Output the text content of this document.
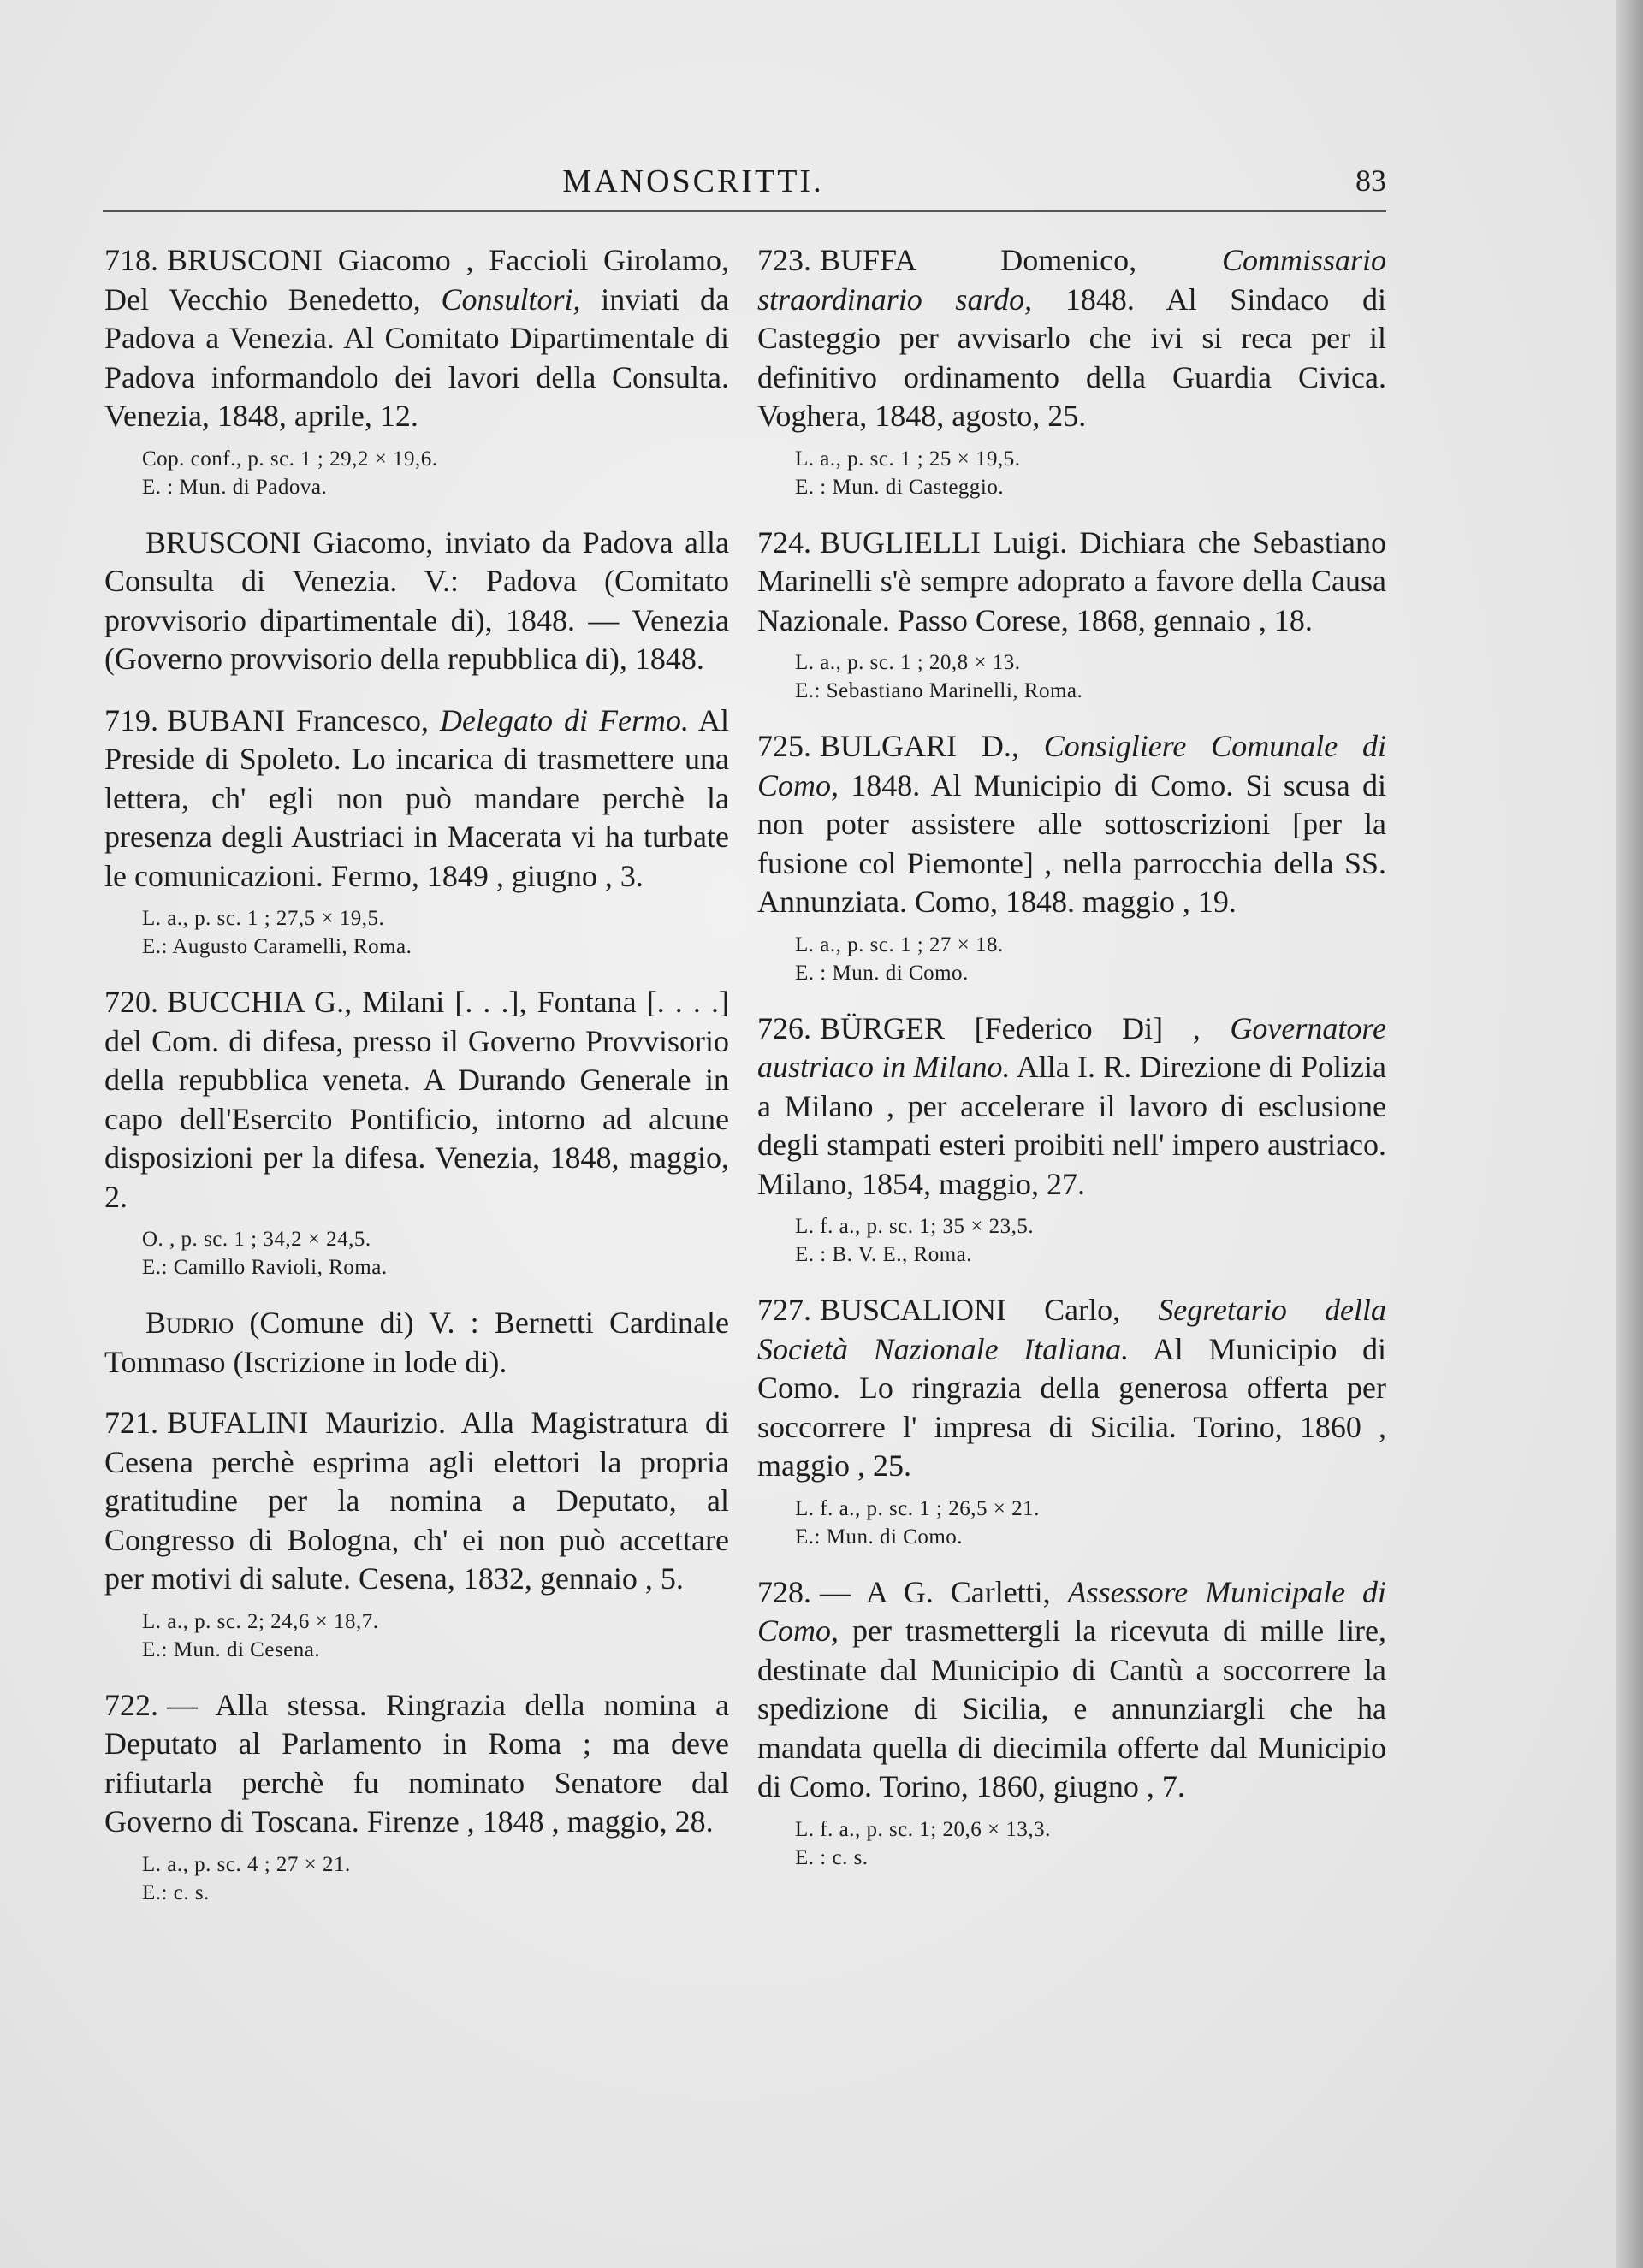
MANOSCRITTI.	83
718. BRUSCONI Giacomo , Faccioli Girolamo, Del Vecchio Benedetto, Consultori, inviati da Padova a Venezia. Al Comitato Dipartimentale di Padova informandolo dei lavori della Consulta. Venezia, 1848, aprile, 12.
Cop. conf., p. sc. 1 ; 29,2 × 19,6.
E. : Mun. di Padova.
BRUSCONI Giacomo, inviato da Padova alla Consulta di Venezia. V.: Padova (Comitato provvisorio dipartimentale di), 1848. — Venezia (Governo provvisorio della repubblica di), 1848.
719. BUBANI Francesco, Delegato di Fermo. Al Preside di Spoleto. Lo incarica di trasmettere una lettera, ch' egli non può mandare perchè la presenza degli Austriaci in Macerata vi ha turbate le comunicazioni. Fermo, 1849 , giugno , 3.
L. a., p. sc. 1 ; 27,5 × 19,5.
E.: Augusto Caramelli, Roma.
720. BUCCHIA G., Milani [. . .], Fontana [. . . .] del Com. di difesa, presso il Governo Provvisorio della repubblica veneta. A Durando Generale in capo dell'Esercito Pontificio, intorno ad alcune disposizioni per la difesa. Venezia, 1848, maggio, 2.
O. , p. sc. 1 ; 34,2 × 24,5.
E.: Camillo Ravioli, Roma.
Budrio (Comune di) V. : Bernetti Cardinale Tommaso (Iscrizione in lode di).
721. BUFALINI Maurizio. Alla Magistratura di Cesena perchè esprima agli elettori la propria gratitudine per la nomina a Deputato, al Congresso di Bologna, ch' ei non può accettare per motivi di salute. Cesena, 1832, gennaio , 5.
L. a., p. sc. 2; 24,6 × 18,7.
E.: Mun. di Cesena.
722. — Alla stessa. Ringrazia della nomina a Deputato al Parlamento in Roma ; ma deve rifiutarla perchè fu nominato Senatore dal Governo di Toscana. Firenze , 1848 , maggio, 28.
L. a., p. sc. 4 ; 27 × 21.
E.: c. s.
723. BUFFA Domenico,	Commissario straordinario sardo, 1848. Al Sindaco di Casteggio per avvisarlo che ivi si reca per il definitivo ordinamento della Guardia Civica. Voghera, 1848, agosto, 25.
L. a., p. sc. 1 ; 25 × 19,5.
E. : Mun. di Casteggio.
724. BUGLIELLI Luigi. Dichiara che Sebastiano Marinelli s'è sempre adoprato a favore della Causa Nazionale. Passo Corese, 1868, gennaio , 18.
L. a., p. sc. 1 ; 20,8 × 13.
E.: Sebastiano Marinelli, Roma.
725. BULGARI D., Consigliere Comunale di Como, 1848. Al Municipio di Como. Si scusa di non poter assistere alle sottoscrizioni [per la fusione col Piemonte] , nella parrocchia della SS. Annunziata. Como, 1848. maggio , 19.
L. a., p. sc. 1 ; 27 × 18.
E. : Mun. di Como.
726. BÜRGER [Federico Di] , Governatore austriaco in Milano. Alla I. R. Direzione di Polizia a Milano , per accelerare il lavoro di esclusione degli stampati esteri proibiti nell' impero austriaco. Milano, 1854, maggio, 27.
L. f. a., p. sc. 1; 35 × 23,5.
E. : B. V. E., Roma.
727. BUSCALIONI Carlo, Segretario della Società Nazionale Italiana. Al Municipio di Como. Lo ringrazia della generosa offerta per soccorrere l' impresa di Sicilia. Torino, 1860 , maggio , 25.
L. f. a., p. sc. 1 ; 26,5 × 21.
E.: Mun. di Como.
728. — A G. Carletti, Assessore Municipale di Como, per trasmettergli la ricevuta di mille lire, destinate dal Municipio di Cantù a soccorrere la spedizione di Sicilia, e annunziargli che ha mandata quella di diecimila offerte dal Municipio di Como. Torino, 1860, giugno , 7.
L. f. a., p. sc. 1; 20,6 × 13,3.
E. : c. s.
